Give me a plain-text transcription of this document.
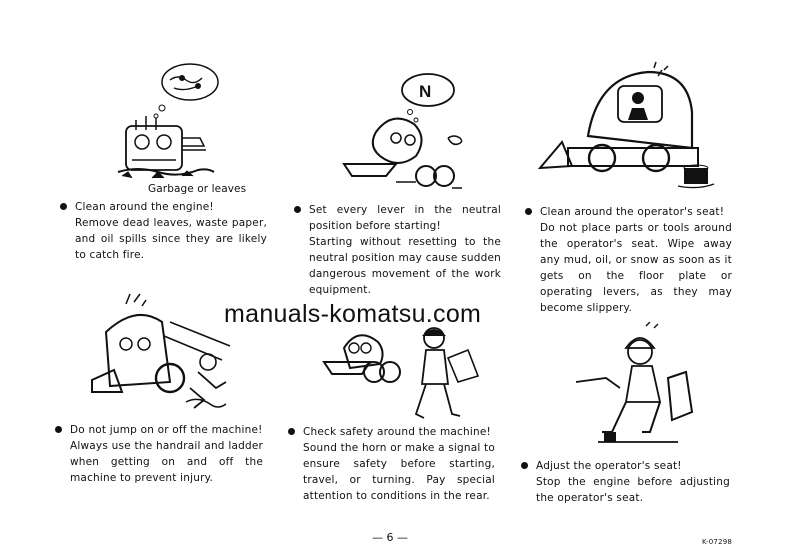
Garbage or leaves
N
Clean around the engine!
Remove dead leaves, waste paper, and oil spills since they are likely to catch fire.
Set every lever in the neutral position before starting!
Starting without resetting to the neutral position may cause sudden dangerous movement of the work equipment.
Clean around the operator's seat!
Do not place parts or tools around the operator's seat. Wipe away any mud, oil, or snow as soon as it gets on the floor plate or operating levers, as they may become slippery.
Do not jump on or off the machine!
Always use the handrail and ladder when getting on and off the machine to prevent injury.
Check safety around the machine!
Sound the horn or make a signal to ensure safety before starting, travel, or turning. Pay special attention to conditions in the rear.
Adjust the operator's seat!
Stop the engine before adjusting the operator's seat.
manuals-komatsu.com
— 6 —	K-07298
